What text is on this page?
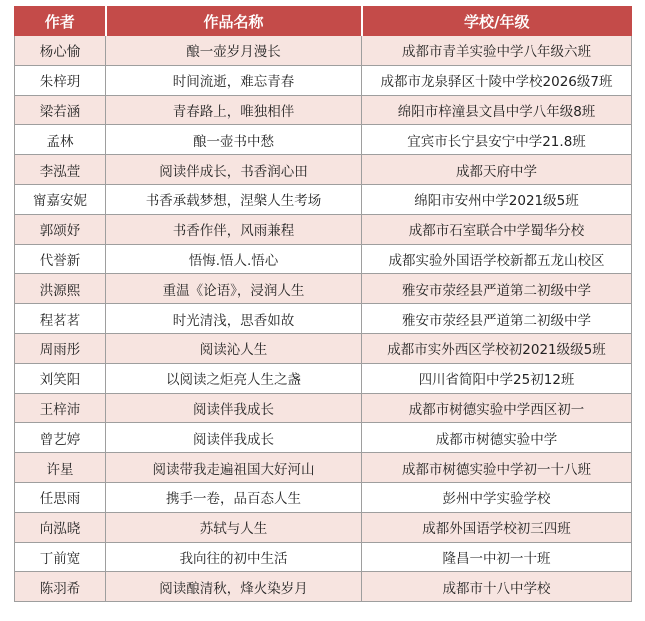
作者	作品名称	学校/年级
杨心愉	酿一壶岁月漫长	成都市青羊实验中学八年级六班
朱梓玥	时间流逝，难忘青春	成都市龙泉驿区十陵中学校2026级7班
梁若涵	青春路上，唯独相伴	绵阳市梓潼县文昌中学八年级8班
孟林	酿一壶书中愁	宜宾市长宁县安宁中学21.8班
李泓萱	阅读伴成长，书香润心田	成都天府中学
甯嘉安妮	书香承载梦想，涅槃人生考场	绵阳市安州中学2021级5班
郭颂妤	书香作伴，风雨兼程	成都市石室联合中学蜀华分校
代誉新	悟悔.悟人.悟心	成都实验外国语学校新都五龙山校区
洪源熙	重温《论语》，浸润人生	雅安市荥经县严道第二初级中学
程茗茗	时光清浅，思香如故	雅安市荥经县严道第二初级中学
周雨彤	阅读沁人生	成都市实外西区学校初2021级级5班
刘笑阳	以阅读之炬亮人生之盏	四川省简阳中学25初12班
王梓沛	阅读伴我成长	成都市树德实验中学西区初一
曾艺婷	阅读伴我成长	成都市树德实验中学
许星	阅读带我走遍祖国大好河山	成都市树德实验中学初一十八班
任思雨	携手一卷，品百态人生	彭州中学实验学校
向泓晓	苏轼与人生	成都外国语学校初三四班
丁前宽	我向往的初中生活	隆昌一中初一十班
陈羽希	阅读酿清秋，烽火染岁月	成都市十八中学校
